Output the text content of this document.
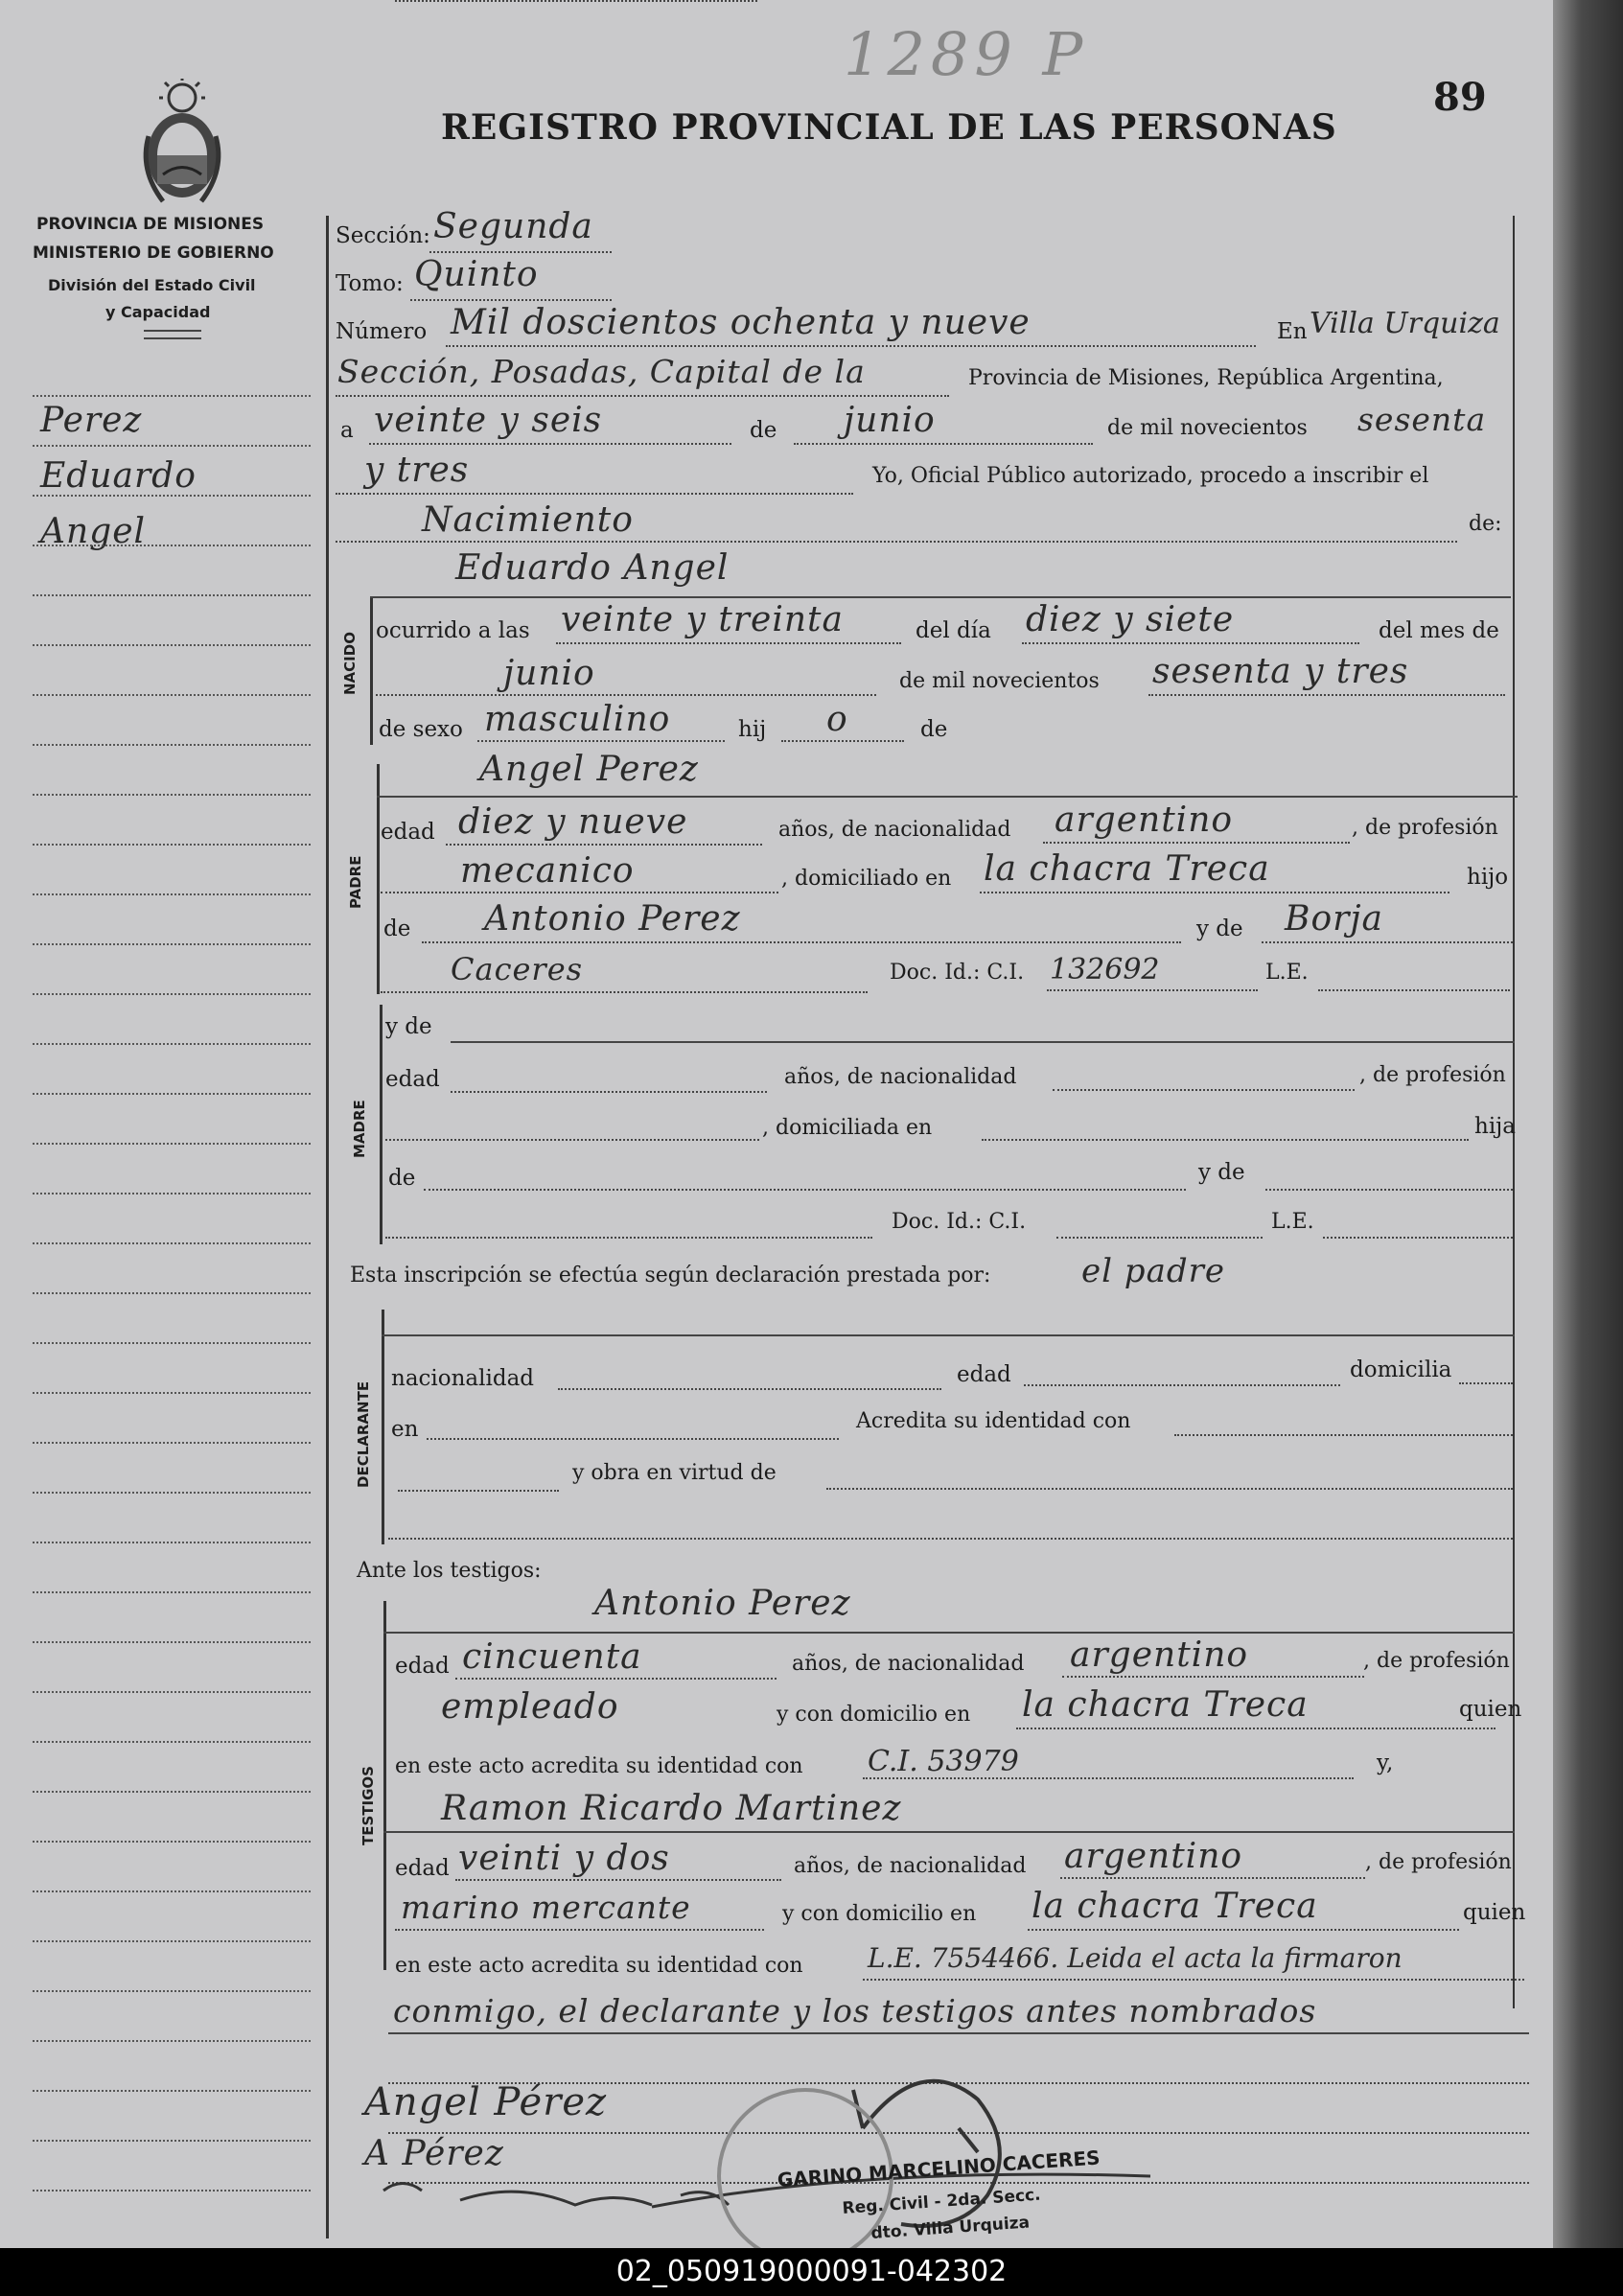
REGISTRO PROVINCIAL DE LAS PERSONAS
1289 P
89
PROVINCIA DE MISIONES
MINISTERIO DE GOBIERNO
División del Estado Civil
y Capacidad
Perez
Eduardo
Angel
Sección: Segunda
Tomo: Quinto
Número Mil doscientos ochenta y nueve	En Villa Urquiza
Sección, Posadas, Capital de la	Provincia de Misiones, República Argentina,
a veinte y seis	de junio	de mil novecientos sesenta
y tres	Yo, Oficial Público autorizado, procedo a inscribir el
Nacimiento	de:
NACIDO
Eduardo Angel
ocurrido a las veinte y treinta	del día diez y siete	del mes de
junio	de mil novecientos sesenta y tres
de sexo masculino	hij o	de
PADRE
Angel Perez
edad diez y nueve	años, de nacionalidad argentino	, de profesión
mecanico	, domiciliado en la chacra Treca	hijo
de Antonio Perez	y de Borja
Caceres	Doc. Id.: C.I. 132692	L.E.
MADRE
y de
edad	años, de nacionalidad	, de profesión
, domiciliada en	hija
de	y de
Doc. Id.: C.I.	L.E.
Esta inscripción se efectúa según declaración prestada por:	el padre
DECLARANTE
nacionalidad	edad	domicilia
en	Acredita su identidad con
y obra en virtud de
Ante los testigos:
TESTIGOS
Antonio Perez
edad cincuenta	años, de nacionalidad argentino	, de profesión
empleado	y con domicilio en la chacra Treca	quien
en este acto acredita su identidad con C.I. 53979	y,
Ramon Ricardo Martinez
edad veinti y dos	años, de nacionalidad argentino	, de profesión
marino mercante	y con domicilio en la chacra Treca	quien
en este acto acredita su identidad con L.E. 7554466. Leida el acta la firmaron
conmigo, el declarante y los testigos antes nombrados
Angel Pérez
A Pérez	GARINO MARCELINO CACERES
Reg. Civil - 2da. Secc.
dto. Villa Urquiza
02_050919000091-042302
